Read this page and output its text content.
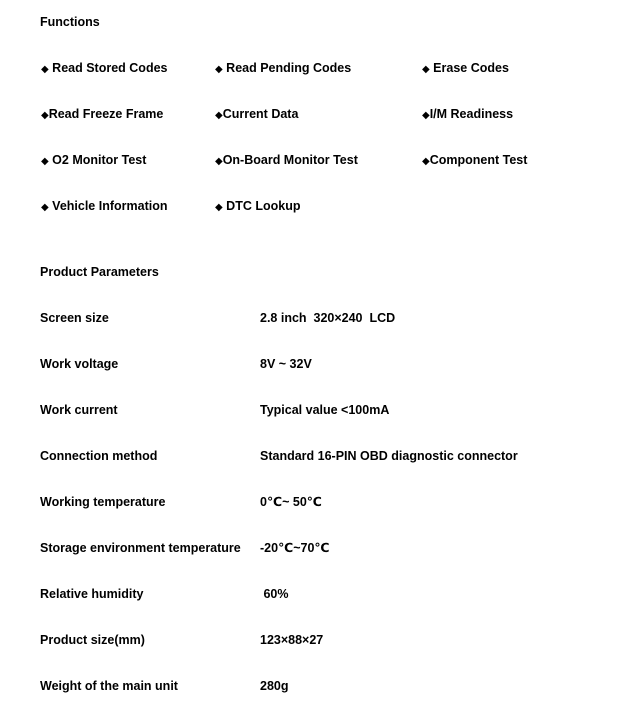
Functions
◆ Read Stored Codes	◆ Read Pending Codes	◆ Erase Codes
◆Read Freeze Frame	◆Current Data	◆I/M Readiness
◆ O2 Monitor Test	◆On-Board Monitor Test	◆Component Test
◆ Vehicle Information	◆ DTC Lookup
Product Parameters
Screen size	2.8 inch  320×240  LCD
Work voltage	8V ~ 32V
Work current	Typical value <100mA
Connection method	Standard 16-PIN OBD diagnostic connector
Working temperature	0℃~ 50℃
Storage environment temperature -20℃~70℃
Relative humidity	60%
Product size(mm)	123×88×27
Weight of the main unit	280g
